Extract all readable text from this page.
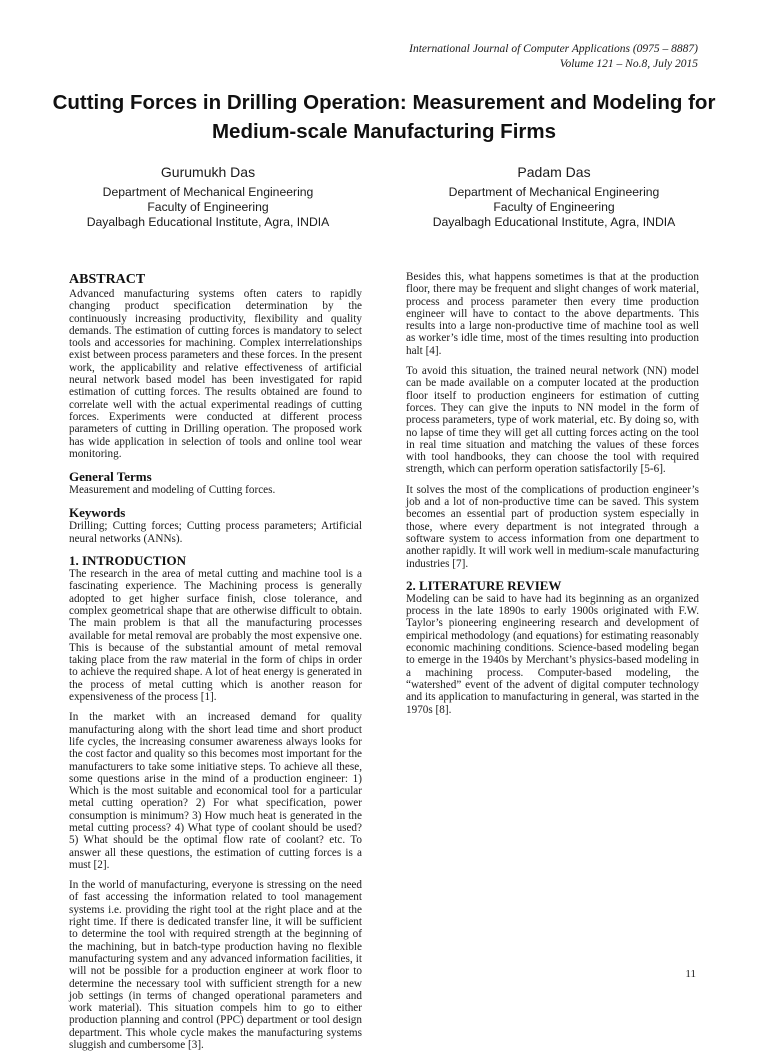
International Journal of Computer Applications (0975 – 8887)
Volume 121 – No.8, July 2015
Cutting Forces in Drilling Operation: Measurement and Modeling for Medium-scale Manufacturing Firms
Gurumukh Das
Department of Mechanical Engineering
Faculty of Engineering
Dayalbagh Educational Institute, Agra, INDIA
Padam Das
Department of Mechanical Engineering
Faculty of Engineering
Dayalbagh Educational Institute, Agra, INDIA
ABSTRACT

Advanced manufacturing systems often caters to rapidly changing product specification determination by the continuously increasing productivity, flexibility and quality demands. The estimation of cutting forces is mandatory to select tools and accessories for machining. Complex interrelationships exist between process parameters and these forces. In the present work, the applicability and relative effectiveness of artificial neural network based model has been investigated for rapid estimation of cutting forces. The results obtained are found to correlate well with the actual experimental readings of cutting forces. Experiments were conducted at different process parameters of cutting in Drilling operation. The proposed work has wide application in selection of tools and online tool wear monitoring.

General Terms

Measurement and modeling of Cutting forces.

Keywords

Drilling; Cutting forces; Cutting process parameters; Artificial neural networks (ANNs).

1. INTRODUCTION

The research in the area of metal cutting and machine tool is a fascinating experience. The Machining process is generally adopted to get higher surface finish, close tolerance, and complex geometrical shape that are otherwise difficult to obtain. The main problem is that all the manufacturing processes available for metal removal are probably the most expensive one. This is because of the substantial amount of metal removal taking place from the raw material in the form of chips in order to achieve the required shape. A lot of heat energy is generated in the process of metal cutting which is another reason for expensiveness of the process [1].

In the market with an increased demand for quality manufacturing along with the short lead time and short product life cycles, the increasing consumer awareness always looks for the cost factor and quality so this becomes most important for the manufacturers to take some initiative steps. To achieve all these, some questions arise in the mind of a production engineer: 1) Which is the most suitable and economical tool for a particular metal cutting operation? 2) For what specification, power consumption is minimum? 3) How much heat is generated in the metal cutting process? 4) What type of coolant should be used? 5) What should be the optimal flow rate of coolant? etc. To answer all these questions, the estimation of cutting forces is a must [2].

In the world of manufacturing, everyone is stressing on the need of fast accessing the information related to tool management systems i.e. providing the right tool at the right place and at the right time. If there is dedicated transfer line, it will be sufficient to determine the tool with required strength at the beginning of the machining, but in batch-type production having no flexible manufacturing system and any advanced information facilities, it will not be possible for a production engineer at work floor to determine the necessary tool with sufficient strength for a new job settings (in terms of changed operational parameters and work material). This situation compels him to go to either production planning and control (PPC) department or tool design department. This whole cycle makes the manufacturing systems sluggish and cumbersome [3].

Besides this, what happens sometimes is that at the production floor, there may be frequent and slight changes of work material, process and process parameter then every time production engineer will have to contact to the above departments. This results into a large non-productive time of machine tool as well as worker’s idle time, most of the times resulting into production halt [4].

To avoid this situation, the trained neural network (NN) model can be made available on a computer located at the production floor itself to production engineers for estimation of cutting forces. They can give the inputs to NN model in the form of process parameters, type of work material, etc. By doing so, with no lapse of time they will get all cutting forces acting on the tool in real time situation and matching the values of these forces with tool handbooks, they can choose the tool with required strength, which can perform operation satisfactorily [5-6].

It solves the most of the complications of production engineer’s job and a lot of non-productive time can be saved. This system becomes an essential part of production system especially in those, where every department is not integrated through a software system to access information from one department to another rapidly. It will work well in medium-scale manufacturing industries [7].

2. LITERATURE REVIEW

Modeling can be said to have had its beginning as an organized process in the late 1890s to early 1900s originated with F.W. Taylor’s pioneering engineering research and development of empirical methodology (and equations) for estimating reasonably economic machining conditions. Science-based modeling began to emerge in the 1940s by Merchant’s physics-based modeling in a machining process. Computer-based modeling, the “watershed” event of the advent of digital computer technology and its application to manufacturing in general, was started in the 1970s [8].

11
